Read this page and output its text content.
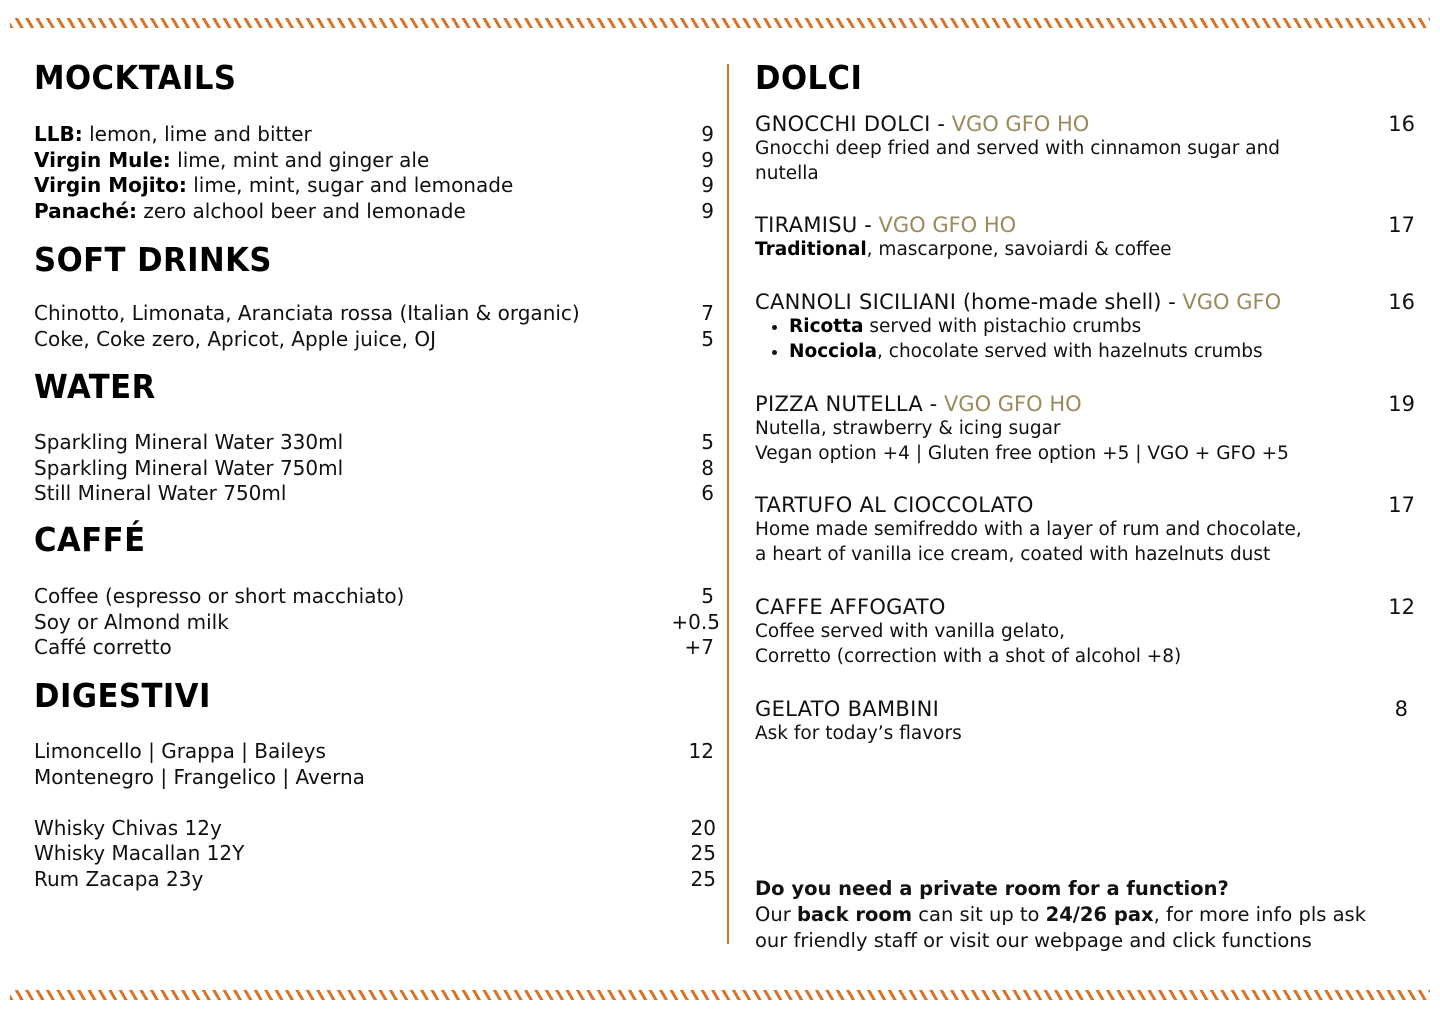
MOCKTAILS
LLB: lemon, lime and bitter	9
Virgin Mule: lime, mint and ginger ale	9
Virgin Mojito: lime, mint, sugar and lemonade	9
Panaché: zero alchool beer and lemonade	9
SOFT DRINKS
Chinotto, Limonata, Aranciata rossa (Italian & organic)	7
Coke, Coke zero, Apricot, Apple juice, OJ	5
WATER
Sparkling Mineral Water 330ml	5
Sparkling Mineral Water 750ml	8
Still Mineral Water 750ml	6
CAFFÉ
Coffee (espresso or short macchiato)	5
Soy or Almond milk	+0.5
Caffé corretto	+7
DIGESTIVI
Limoncello | Grappa | Baileys	12
Montenegro | Frangelico | Averna
Whisky Chivas 12y	20
Whisky Macallan 12Y	25
Rum Zacapa 23y	25
DOLCI
GNOCCHI DOLCI - VGO GFO HO	16
Gnocchi deep fried and served with cinnamon sugar and
nutella
TIRAMISU - VGO GFO HO	17
Traditional, mascarpone, savoiardi & coffee
CANNOLI SICILIANI (home-made shell) - VGO GFO	16
• Ricotta served with pistachio crumbs
• Nocciola, chocolate served with hazelnuts crumbs
PIZZA NUTELLA - VGO GFO HO	19
Nutella, strawberry & icing sugar
Vegan option +4 | Gluten free option +5 | VGO + GFO +5
TARTUFO AL CIOCCOLATO	17
Home made semifreddo with a layer of rum and chocolate,
a heart of vanilla ice cream, coated with hazelnuts dust
CAFFE AFFOGATO	12
Coffee served with vanilla gelato,
Corretto (correction with a shot of alcohol +8)
GELATO BAMBINI	8
Ask for today’s flavors
Do you need a private room for a function?
Our back room can sit up to 24/26 pax, for more info pls ask
our friendly staff or visit our webpage and click functions
